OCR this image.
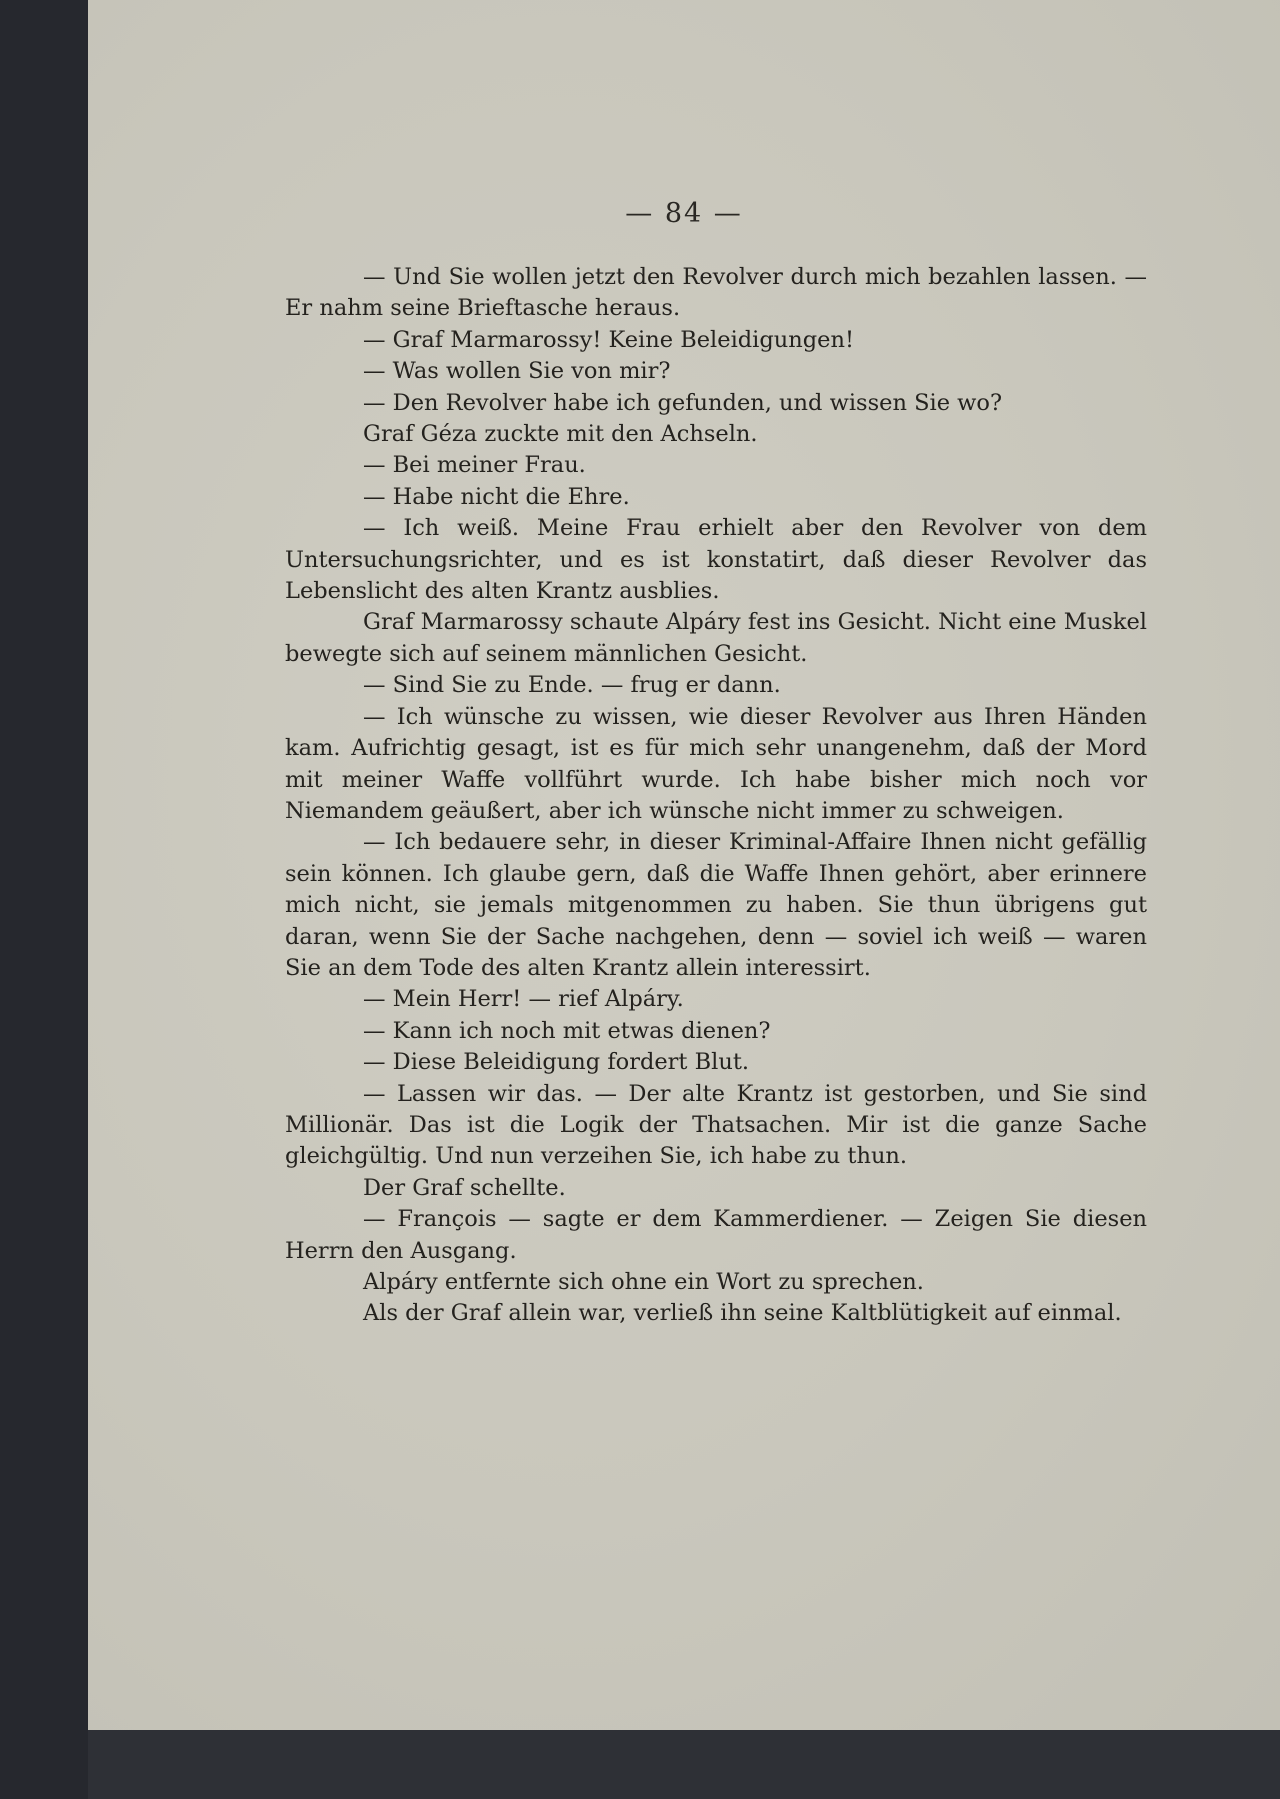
— 84 —

— Und Sie wollen jetzt den Revolver durch mich bezahlen lassen. — Er nahm seine Brieftasche heraus.

— Graf Marmarossy! Keine Beleidigungen!

— Was wollen Sie von mir?

— Den Revolver habe ich gefunden, und wissen Sie wo?

Graf Géza zuckte mit den Achseln.

— Bei meiner Frau.

— Habe nicht die Ehre.

— Ich weiß. Meine Frau erhielt aber den Revolver von dem Untersuchungsrichter, und es ist konstatirt, daß dieser Revolver das Lebenslicht des alten Krantz ausblies.

Graf Marmarossy schaute Alpáry fest ins Gesicht. Nicht eine Muskel bewegte sich auf seinem männlichen Gesicht.

— Sind Sie zu Ende. — frug er dann.

— Ich wünsche zu wissen, wie dieser Revolver aus Ihren Händen kam. Aufrichtig gesagt, ist es für mich sehr unangenehm, daß der Mord mit meiner Waffe vollführt wurde. Ich habe bisher mich noch vor Niemandem geäußert, aber ich wünsche nicht immer zu schweigen.

— Ich bedauere sehr, in dieser Kriminal-Affaire Ihnen nicht gefällig sein können. Ich glaube gern, daß die Waffe Ihnen gehört, aber erinnere mich nicht, sie jemals mitgenommen zu haben. Sie thun übrigens gut daran, wenn Sie der Sache nachgehen, denn — soviel ich weiß — waren Sie an dem Tode des alten Krantz allein interessirt.

— Mein Herr! — rief Alpáry.

— Kann ich noch mit etwas dienen?

— Diese Beleidigung fordert Blut.

— Lassen wir das. — Der alte Krantz ist gestorben, und Sie sind Millionär. Das ist die Logik der Thatsachen. Mir ist die ganze Sache gleichgültig. Und nun verzeihen Sie, ich habe zu thun.

Der Graf schellte.

— François — sagte er dem Kammerdiener. — Zeigen Sie diesen Herrn den Ausgang.

Alpáry entfernte sich ohne ein Wort zu sprechen.

Als der Graf allein war, verließ ihn seine Kaltblütigkeit auf einmal.
